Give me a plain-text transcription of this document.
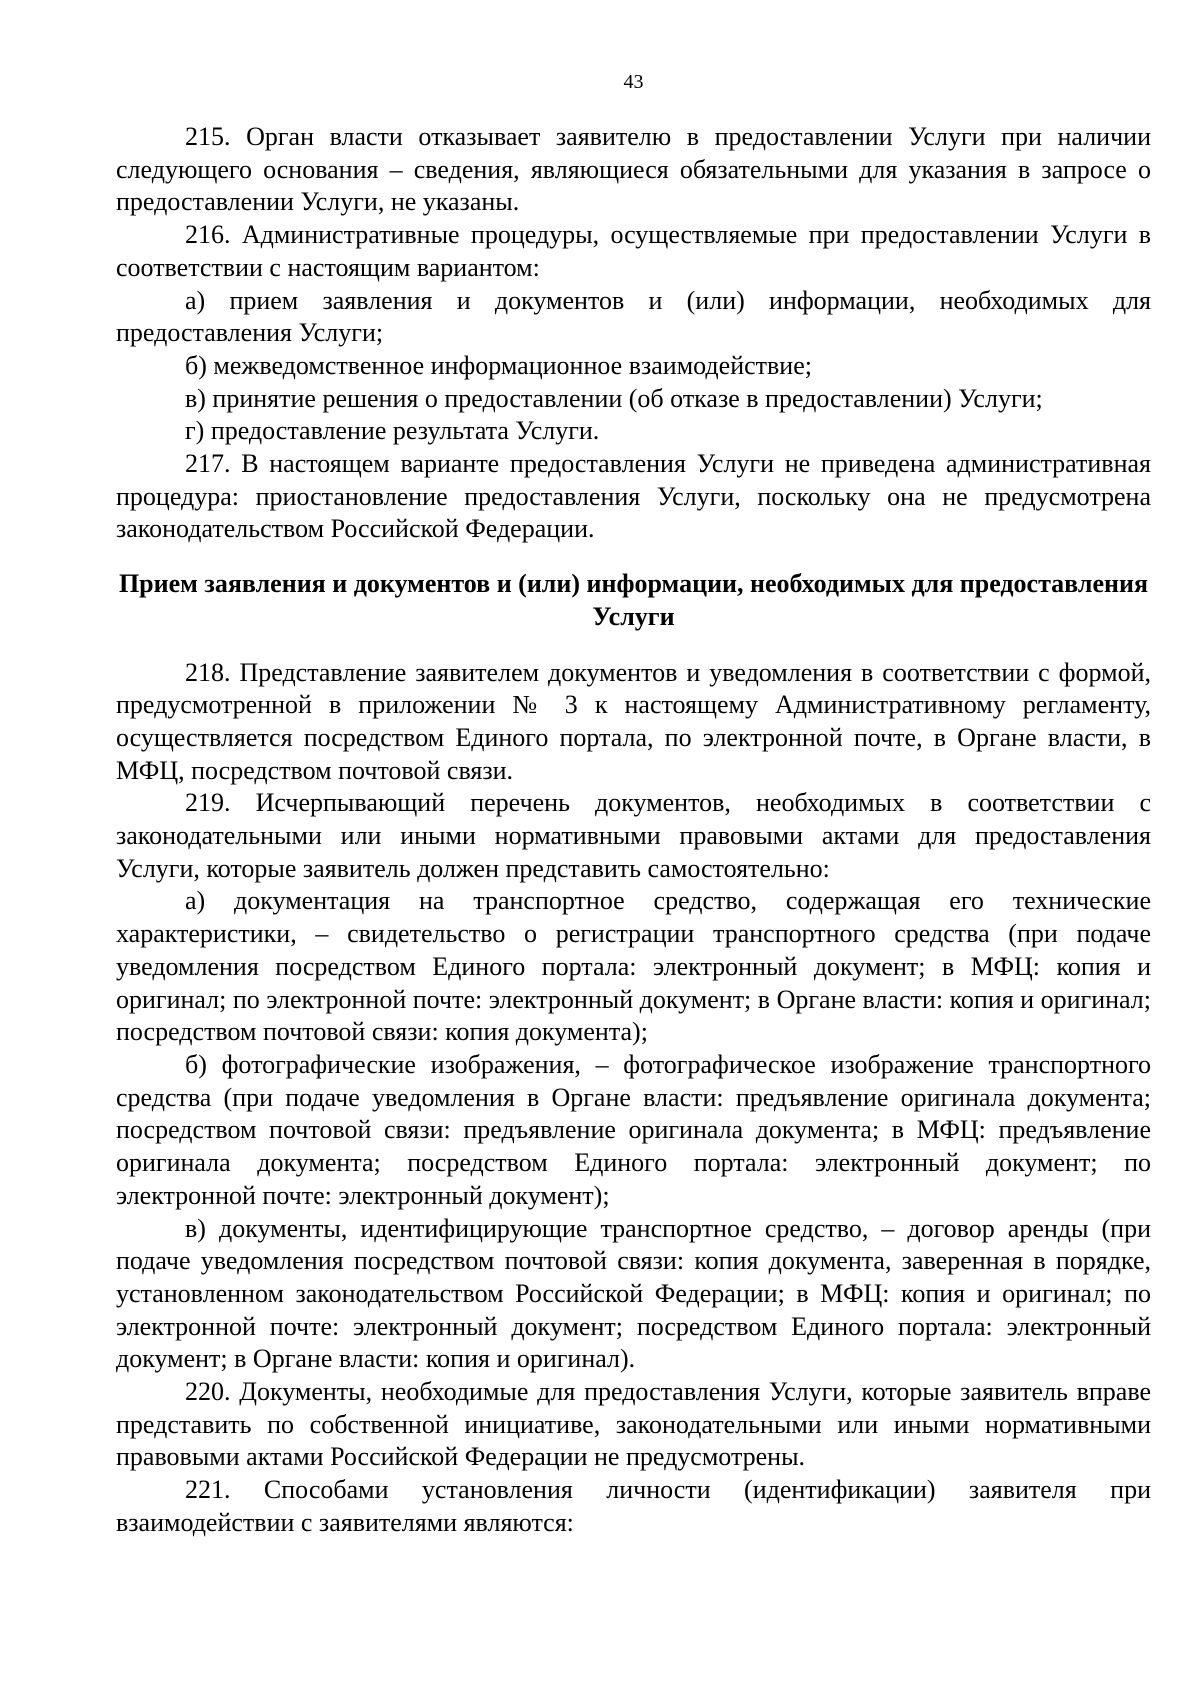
43

215. Орган власти отказывает заявителю в предоставлении Услуги при наличии следующего основания – сведения, являющиеся обязательными для указания в запросе о предоставлении Услуги, не указаны.

216. Административные процедуры, осуществляемые при предоставлении Услуги в соответствии с настоящим вариантом:

а) прием заявления и документов и (или) информации, необходимых для предоставления Услуги;

б) межведомственное информационное взаимодействие;

в) принятие решения о предоставлении (об отказе в предоставлении) Услуги;

г) предоставление результата Услуги.

217. В настоящем варианте предоставления Услуги не приведена административная процедура: приостановление предоставления Услуги, поскольку она не предусмотрена законодательством Российской Федерации.

Прием заявления и документов и (или) информации, необходимых для предоставления Услуги

218. Представление заявителем документов и уведомления в соответствии с формой, предусмотренной в приложении № 3 к настоящему Административному регламенту, осуществляется посредством Единого портала, по электронной почте, в Органе власти, в МФЦ, посредством почтовой связи.

219. Исчерпывающий перечень документов, необходимых в соответствии с законодательными или иными нормативными правовыми актами для предоставления Услуги, которые заявитель должен представить самостоятельно:

а) документация на транспортное средство, содержащая его технические характеристики, – свидетельство о регистрации транспортного средства (при подаче уведомления посредством Единого портала: электронный документ; в МФЦ: копия и оригинал; по электронной почте: электронный документ; в Органе власти: копия и оригинал; посредством почтовой связи: копия документа);

б) фотографические изображения, – фотографическое изображение транспортного средства (при подаче уведомления в Органе власти: предъявление оригинала документа; посредством почтовой связи: предъявление оригинала документа; в МФЦ: предъявление оригинала документа; посредством Единого портала: электронный документ; по электронной почте: электронный документ);

в) документы, идентифицирующие транспортное средство, – договор аренды (при подаче уведомления посредством почтовой связи: копия документа, заверенная в порядке, установленном законодательством Российской Федерации; в МФЦ: копия и оригинал; по электронной почте: электронный документ; посредством Единого портала: электронный документ; в Органе власти: копия и оригинал).

220. Документы, необходимые для предоставления Услуги, которые заявитель вправе представить по собственной инициативе, законодательными или иными нормативными правовыми актами Российской Федерации не предусмотрены.

221. Способами установления личности (идентификации) заявителя при взаимодействии с заявителями являются:
